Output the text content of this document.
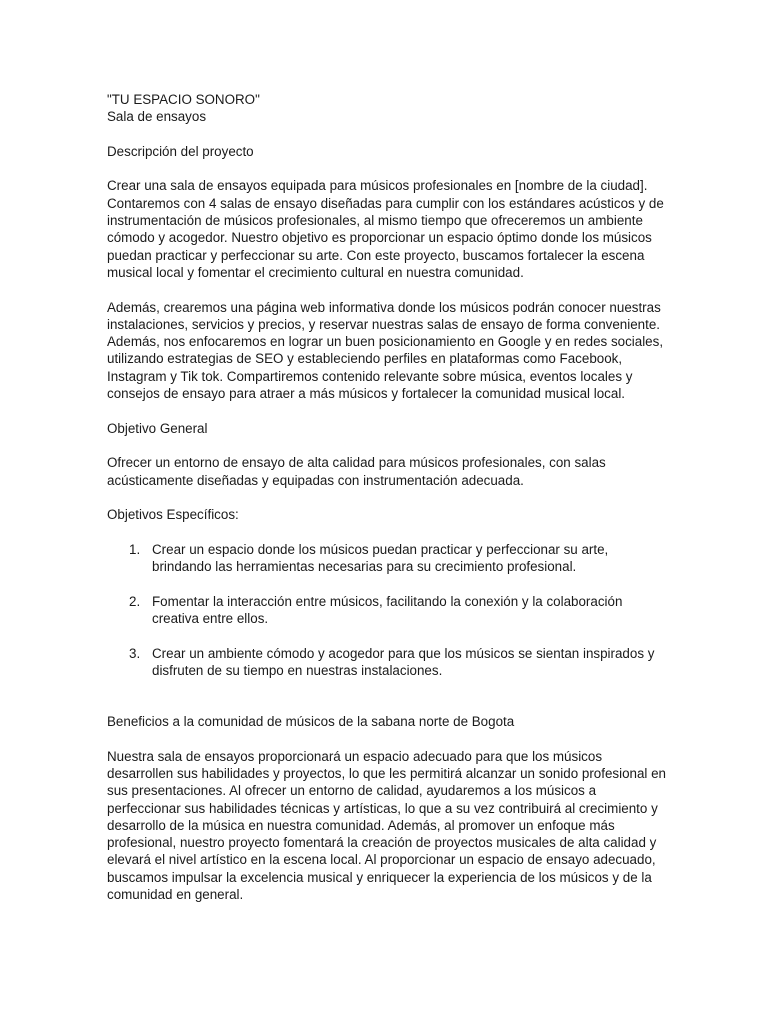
"TU ESPACIO SONORO"

Sala de ensayos

Descripción del proyecto

Crear una sala de ensayos equipada para músicos profesionales en [nombre de la ciudad]. Contaremos con 4 salas de ensayo diseñadas para cumplir con los estándares acústicos y de instrumentación de músicos profesionales, al mismo tiempo que ofreceremos un ambiente cómodo y acogedor. Nuestro objetivo es proporcionar un espacio óptimo donde los músicos puedan practicar y perfeccionar su arte. Con este proyecto, buscamos fortalecer la escena musical local y fomentar el crecimiento cultural en nuestra comunidad.

Además, crearemos una página web informativa donde los músicos podrán conocer nuestras instalaciones, servicios y precios, y reservar nuestras salas de ensayo de forma conveniente. Además, nos enfocaremos en lograr un buen posicionamiento en Google y en redes sociales, utilizando estrategias de SEO y estableciendo perfiles en plataformas como Facebook, Instagram y Tik tok. Compartiremos contenido relevante sobre música, eventos locales y consejos de ensayo para atraer a más músicos y fortalecer la comunidad musical local.

Objetivo General

Ofrecer un entorno de ensayo de alta calidad para músicos profesionales, con salas acústicamente diseñadas y equipadas con instrumentación adecuada.

Objetivos Específicos:

1. Crear un espacio donde los músicos puedan practicar y perfeccionar su arte, brindando las herramientas necesarias para su crecimiento profesional.
2. Fomentar la interacción entre músicos, facilitando la conexión y la colaboración creativa entre ellos.
3. Crear un ambiente cómodo y acogedor para que los músicos se sientan inspirados y disfruten de su tiempo en nuestras instalaciones.

Beneficios a la comunidad de músicos de la sabana norte de Bogota

Nuestra sala de ensayos proporcionará un espacio adecuado para que los músicos desarrollen sus habilidades y proyectos, lo que les permitirá alcanzar un sonido profesional en sus presentaciones. Al ofrecer un entorno de calidad, ayudaremos a los músicos a perfeccionar sus habilidades técnicas y artísticas, lo que a su vez contribuirá al crecimiento y desarrollo de la música en nuestra comunidad. Además, al promover un enfoque más profesional, nuestro proyecto fomentará la creación de proyectos musicales de alta calidad y elevará el nivel artístico en la escena local. Al proporcionar un espacio de ensayo adecuado, buscamos impulsar la excelencia musical y enriquecer la experiencia de los músicos y de la comunidad en general.
